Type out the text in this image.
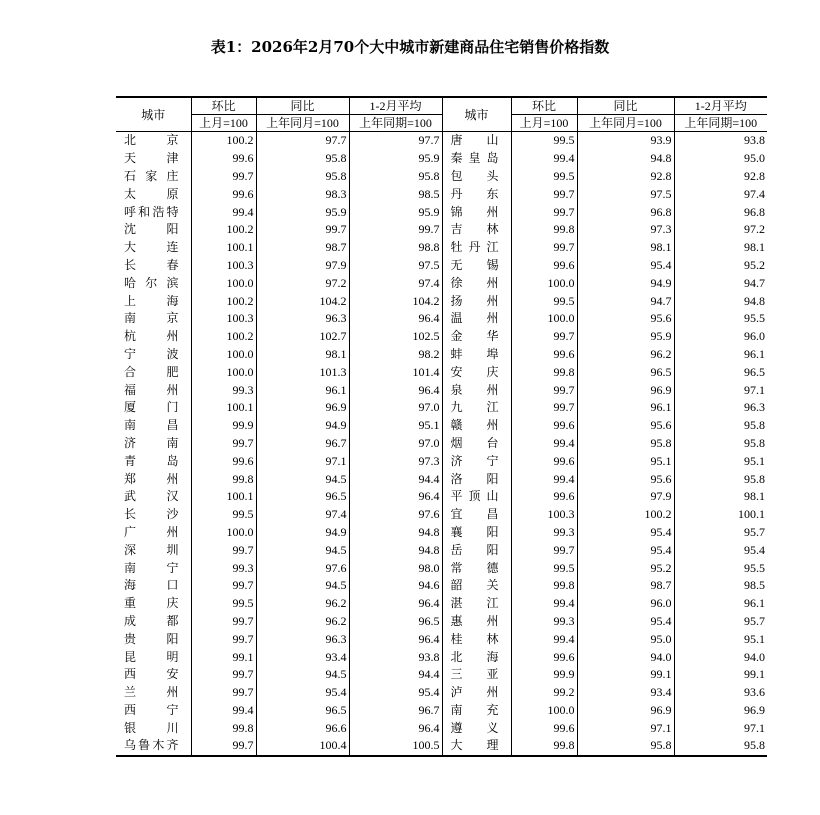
表1：2026年2月70个大中城市新建商品住宅销售价格指数
城市	环比	同比	1-2月平均	城市	环比	同比	1-2月平均
	上月=100	上年同月=100	上年同期=100		上月=100	上年同月=100	上年同期=100
北京	100.2	97.7	97.7	唐山	99.5	93.9	93.8
天津	99.6	95.8	95.9	秦皇岛	99.4	94.8	95.0
石家庄	99.7	95.8	95.8	包头	99.5	92.8	92.8
太原	99.6	98.3	98.5	丹东	99.7	97.5	97.4
呼和浩特	99.4	95.9	95.9	锦州	99.7	96.8	96.8
沈阳	100.2	99.7	99.7	吉林	99.8	97.3	97.2
大连	100.1	98.7	98.8	牡丹江	99.7	98.1	98.1
长春	100.3	97.9	97.5	无锡	99.6	95.4	95.2
哈尔滨	100.0	97.2	97.4	徐州	100.0	94.9	94.7
上海	100.2	104.2	104.2	扬州	99.5	94.7	94.8
南京	100.3	96.3	96.4	温州	100.0	95.6	95.5
杭州	100.2	102.7	102.5	金华	99.7	95.9	96.0
宁波	100.0	98.1	98.2	蚌埠	99.6	96.2	96.1
合肥	100.0	101.3	101.4	安庆	99.8	96.5	96.5
福州	99.3	96.1	96.4	泉州	99.7	96.9	97.1
厦门	100.1	96.9	97.0	九江	99.7	96.1	96.3
南昌	99.9	94.9	95.1	赣州	99.6	95.6	95.8
济南	99.7	96.7	97.0	烟台	99.4	95.8	95.8
青岛	99.6	97.1	97.3	济宁	99.6	95.1	95.1
郑州	99.8	94.5	94.4	洛阳	99.4	95.6	95.8
武汉	100.1	96.5	96.4	平顶山	99.6	97.9	98.1
长沙	99.5	97.4	97.6	宜昌	100.3	100.2	100.1
广州	100.0	94.9	94.8	襄阳	99.3	95.4	95.7
深圳	99.7	94.5	94.8	岳阳	99.7	95.4	95.4
南宁	99.3	97.6	98.0	常德	99.5	95.2	95.5
海口	99.7	94.5	94.6	韶关	99.8	98.7	98.5
重庆	99.5	96.2	96.4	湛江	99.4	96.0	96.1
成都	99.7	96.2	96.5	惠州	99.3	95.4	95.7
贵阳	99.7	96.3	96.4	桂林	99.4	95.0	95.1
昆明	99.1	93.4	93.8	北海	99.6	94.0	94.0
西安	99.7	94.5	94.4	三亚	99.9	99.1	99.1
兰州	99.7	95.4	95.4	泸州	99.2	93.4	93.6
西宁	99.4	96.5	96.7	南充	100.0	96.9	96.9
银川	99.8	96.6	96.4	遵义	99.6	97.1	97.1
乌鲁木齐	99.7	100.4	100.5	大理	99.8	95.8	95.8
